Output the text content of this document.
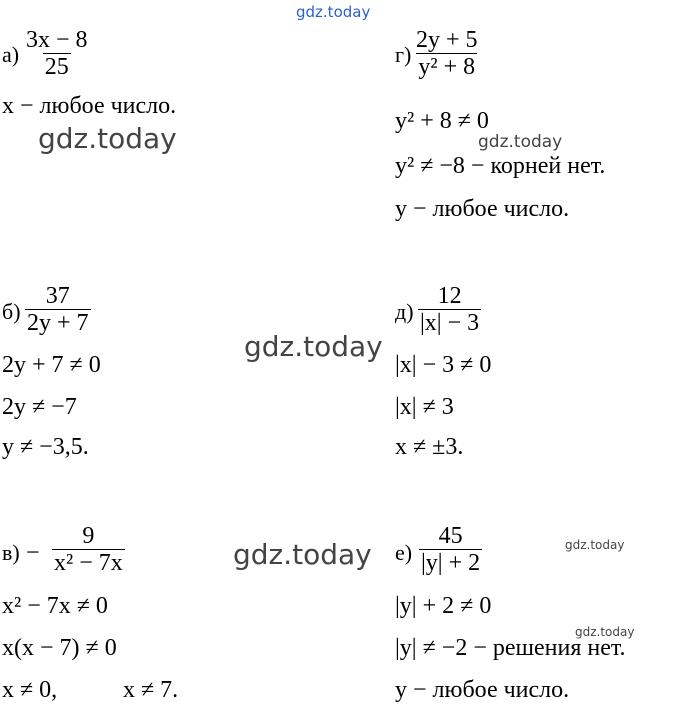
gdz.today
gdz.today
gdz.today
gdz.today
gdz.today
gdz.today
gdz.today
$а) \frac{3x - 8}{25}$
x − любое число.
$г) \frac{2y + 5}{\text{y² + 8}}$
y² + 8 ≠ 0
y² ≠ −8 − корней нет.
y − любое число.
$б) \frac{37}{2y + 7}$
2y + 7 ≠ 0
2y ≠ −7
y ≠ −3,5.
$д) \frac{12}{|x| - 3}$
|x| − 3 ≠ 0
|x| ≠ 3
x ≠ ±3.
$в) - \frac{9}{\text{x² − 7x}}$
x² − 7x ≠ 0
x(x − 7) ≠ 0
x ≠ 0,	x ≠ 7.
$е) \frac{45}{|y| + 2}$
|y| + 2 ≠ 0
|y| ≠ −2 − решения нет.
y − любое число.
